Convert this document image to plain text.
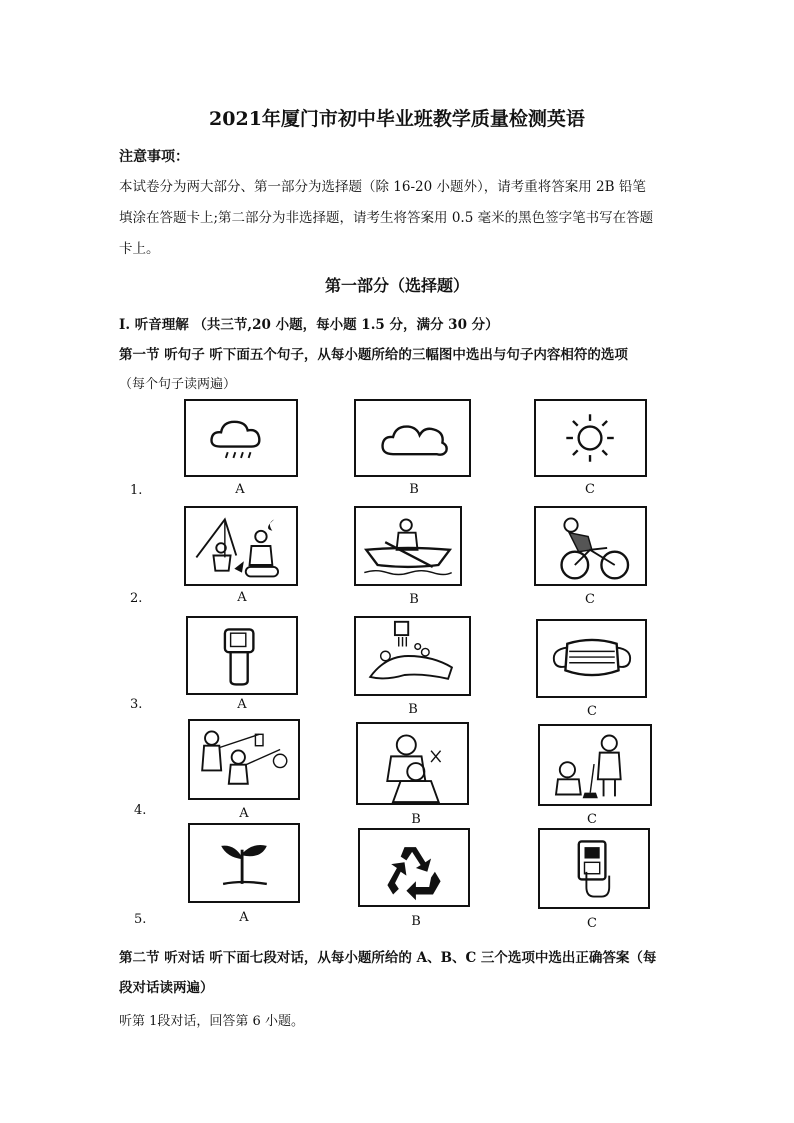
2021年厦门市初中毕业班教学质量检测英语
注意事项：
本试卷分为两大部分、第一部分为选择题（除 16-20 小题外），请考重将答案用 2B 铅笔
填涂在答题卡上;第二部分为非选择题，请考生将答案用 0.5 毫米的黑色签字笔书写在答题
卡上。
第一部分（选择题）
I. 听音理解 （共三节,20 小题，每小题 1.5 分，满分 30 分）
第一节 听句子 听下面五个句子，从每小题所给的三幅图中选出与句子内容相符的选项
（每个句子读两遍）
1.	A	B	C
2.	A	B	C
3.	A	B	C
4.	A	B	C
5.	A	B	C
第二节 听对话 听下面七段对话，从每小题所给的 A、B、C 三个选项中选出正确答案（每
段对话读两遍）
听第 1段对话，回答第 6 小题。
